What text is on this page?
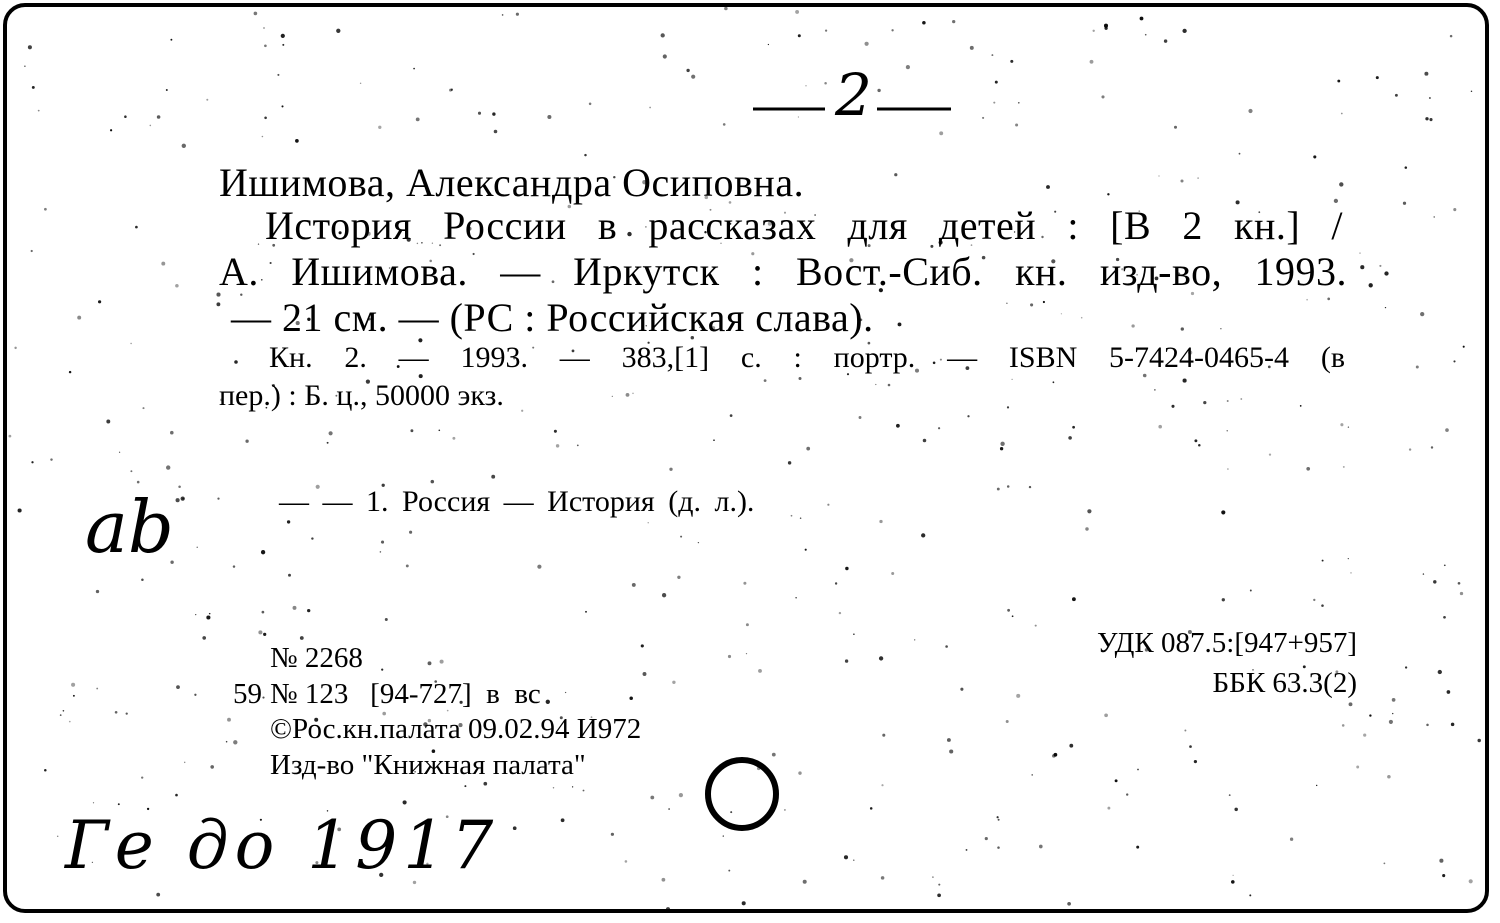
2
Ишимова, Александра Осиповна.
История России в рассказах для детей : [В 2 кн.] /
А. Ишимова. — Иркутск : Вост.-Сиб. кн. изд-во, 1993.
— 21 см. — (РС : Российская слава).
Кн. 2. — 1993. — 383,[1] с. : портр. — ISBN 5-7424-0465-4 (в
пер.) : Б. ц., 50000 экз.
ab	— — 1. Россия — История (д. л.).
№ 2268
59 № 123   [94-727]  в  вс
©Рос.кн.палата 09.02.94 И972
Изд-во "Книжная палата"
УДК 087.5:[947+957]
ББК 63.3(2)
Ге до 1917
